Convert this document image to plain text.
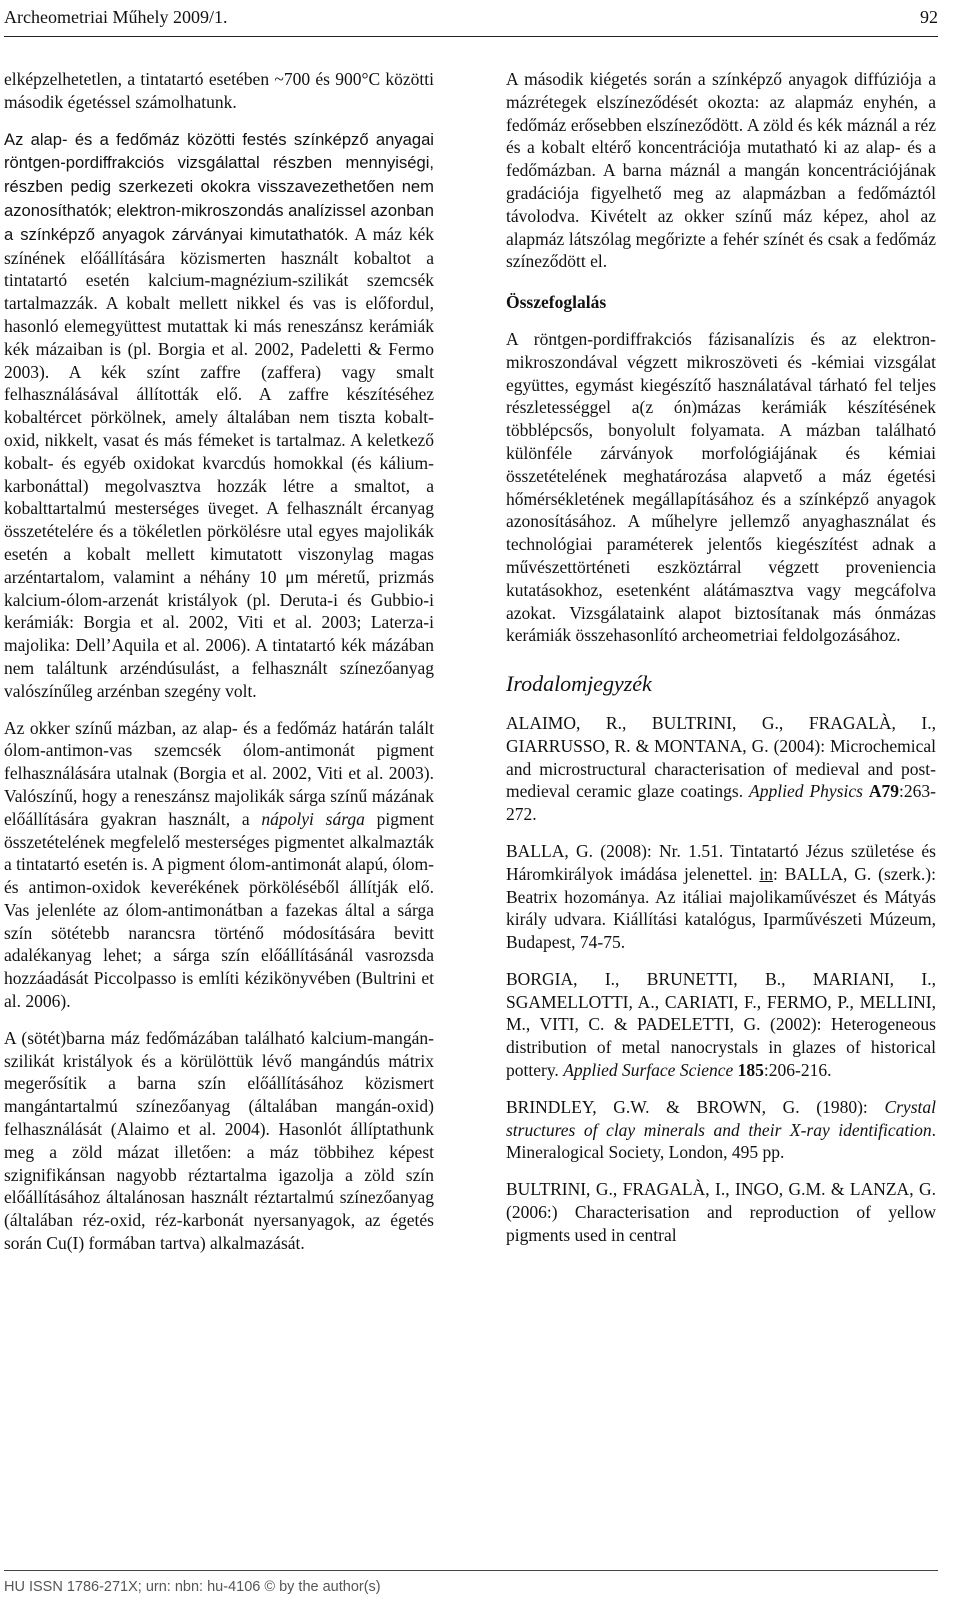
Archeometriai Műhely 2009/1.	92

elképzelhetetlen, a tintatartó esetében ~700 és 900°C közötti második égetéssel számolhatunk.

Az alap- és a fedőmáz közötti festés színképző anyagai röntgen-pordiffrakciós vizsgálattal részben mennyiségi, részben pedig szerkezeti okokra visszavezethetően nem azonosíthatók; elektron-mikroszondás analízissel azonban a színképző anyagok zárványai kimutathatók. A máz kék színének előállítására közismerten használt kobaltot a tintatartó esetén kalcium-magnézium-szilikát szemcsék tartalmazzák. A kobalt mellett nikkel és vas is előfordul, hasonló elemegyüttest mutattak ki más reneszánsz kerámiák kék mázaiban is (pl. Borgia et al. 2002, Padeletti & Fermo 2003). A kék színt zaffre (zaffera) vagy smalt felhasználásával állították elő. A zaffre készítéséhez kobaltércet pörkölnek, amely általában nem tiszta kobalt-oxid, nikkelt, vasat és más fémeket is tartalmaz. A keletkező kobalt- és egyéb oxidokat kvarcdús homokkal (és kálium-karbonáttal) megolvasztva hozzák létre a smaltot, a kobalttartalmú mesterséges üveget. A felhasznált ércanyag összetételére és a tökéletlen pörkölésre utal egyes majolikák esetén a kobalt mellett kimutatott viszonylag magas arzéntartalom, valamint a néhány 10 μm méretű, prizmás kalcium-ólom-arzenát kristályok (pl. Deruta-i és Gubbio-i kerámiák: Borgia et al. 2002, Viti et al. 2003; Laterza-i majolika: Dell’Aquila et al. 2006). A tintatartó kék mázában nem találtunk arzéndúsulást, a felhasznált színezőanyag valószínűleg arzénban szegény volt.

Az okker színű mázban, az alap- és a fedőmáz határán talált ólom-antimon-vas szemcsék ólom-antimonát pigment felhasználására utalnak (Borgia et al. 2002, Viti et al. 2003). Valószínű, hogy a reneszánsz majolikák sárga színű mázának előállítására gyakran használt, a nápolyi sárga pigment összetételének megfelelő mesterséges pigmentet alkalmazták a tintatartó esetén is. A pigment ólom-antimonát alapú, ólom- és antimon-oxidok keverékének pörköléséből állítják elő. Vas jelenléte az ólom-antimonátban a fazekas által a sárga szín sötétebb narancsra történő módosítására bevitt adalékanyag lehet; a sárga szín előállításánál vasrozsda hozzáadását Piccolpasso is említi kézikönyvében (Bultrini et al. 2006).

A (sötét)barna máz fedőmázában található kalcium-mangán-szilikát kristályok és a körülöttük lévő mangándús mátrix megerősítik a barna szín előállításához közismert mangántartalmú színezőanyag (általában mangán-oxid) felhasználását (Alaimo et al. 2004). Hasonlót állíptathunk meg a zöld mázat illetően: a máz többihez képest szignifikánsan nagyobb réztartalma igazolja a zöld szín előállításához általánosan használt réztartalmú színezőanyag (általában réz-oxid, réz-karbonát nyersanyagok, az égetés során Cu(I) formában tartva) alkalmazását.

A második kiégetés során a színképző anyagok diffúziója a mázrétegek elszíneződését okozta: az alapmáz enyhén, a fedőmáz erősebben elszíneződött. A zöld és kék máznál a réz és a kobalt eltérő koncentrációja mutatható ki az alap- és a fedőmázban. A barna máznál a mangán koncentrációjának gradációja figyelhető meg az alapmázban a fedőmáztól távolodva. Kivételt az okker színű máz képez, ahol az alapmáz látszólag megőrizte a fehér színét és csak a fedőmáz színeződött el.

Összefoglalás

A röntgen-pordiffrakciós fázisanalízis és az elektron-mikroszondával végzett mikroszöveti és -kémiai vizsgálat együttes, egymást kiegészítő használatával tárható fel teljes részletességgel a(z ón)mázas kerámiák készítésének többlépcsős, bonyolult folyamata. A mázban található különféle zárványok morfológiájának és kémiai összetételének meghatározása alapvető a máz égetési hőmérsékletének megállapításához és a színképző anyagok azonosításához. A műhelyre jellemző anyaghasználat és technológiai paraméterek jelentős kiegészítést adnak a művészettörténeti eszköztárral végzett proveniencia kutatásokhoz, esetenként alátámasztva vagy megcáfolva azokat. Vizsgálataink alapot biztosítanak más ónmázas kerámiák összehasonlító archeometriai feldolgozásához.

Irodalomjegyzék
ALAIMO, R., BULTRINI, G., FRAGALÀ, I., GIARRUSSO, R. & MONTANA, G. (2004): Microchemical and microstructural characterisation of medieval and post-medieval ceramic glaze coatings. Applied Physics A79:263-272.
BALLA, G. (2008): Nr. 1.51. Tintatartó Jézus születése és Háromkirályok imádása jelenettel. in: BALLA, G. (szerk.): Beatrix hozománya. Az itáliai majolikaművészet és Mátyás király udvara. Kiállítási katalógus, Iparművészeti Múzeum, Budapest, 74-75.
BORGIA, I., BRUNETTI, B., MARIANI, I., SGAMELLOTTI, A., CARIATI, F., FERMO, P., MELLINI, M., VITI, C. & PADELETTI, G. (2002): Heterogeneous distribution of metal nanocrystals in glazes of historical pottery. Applied Surface Science 185:206-216.
BRINDLEY, G.W. & BROWN, G. (1980): Crystal structures of clay minerals and their X-ray identification. Mineralogical Society, London, 495 pp.
BULTRINI, G., FRAGALÀ, I., INGO, G.M. & LANZA, G. (2006:) Characterisation and reproduction of yellow pigments used in central
HU ISSN 1786-271X; urn: nbn: hu-4106 © by the author(s)
